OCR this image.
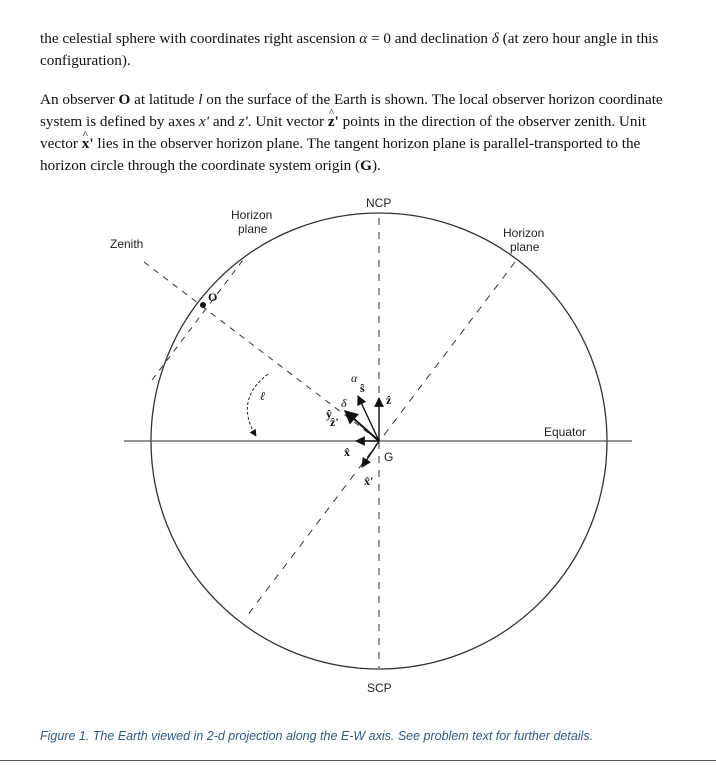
the celestial sphere with coordinates right ascension α = 0 and declination δ (at zero hour angle in this configuration).
An observer O at latitude l on the surface of the Earth is shown. The local observer horizon coordinate system is defined by axes x' and z'. Unit vector ^ z' points in the direction of the observer zenith. Unit vector ^ x' lies in the observer horizon plane. The tangent horizon plane is parallel-transported to the horizon circle through the coordinate system origin (G).
NCP
SCP
Zenith
Horizon
plane	Horizon
plane
Equator
O
G
ℓ
ŝ
ẑ
ẑ'
x̂
x̂'
ŷ
δ
α
Figure 1. The Earth viewed in 2-d projection along the E-W axis. See problem text for further details.
